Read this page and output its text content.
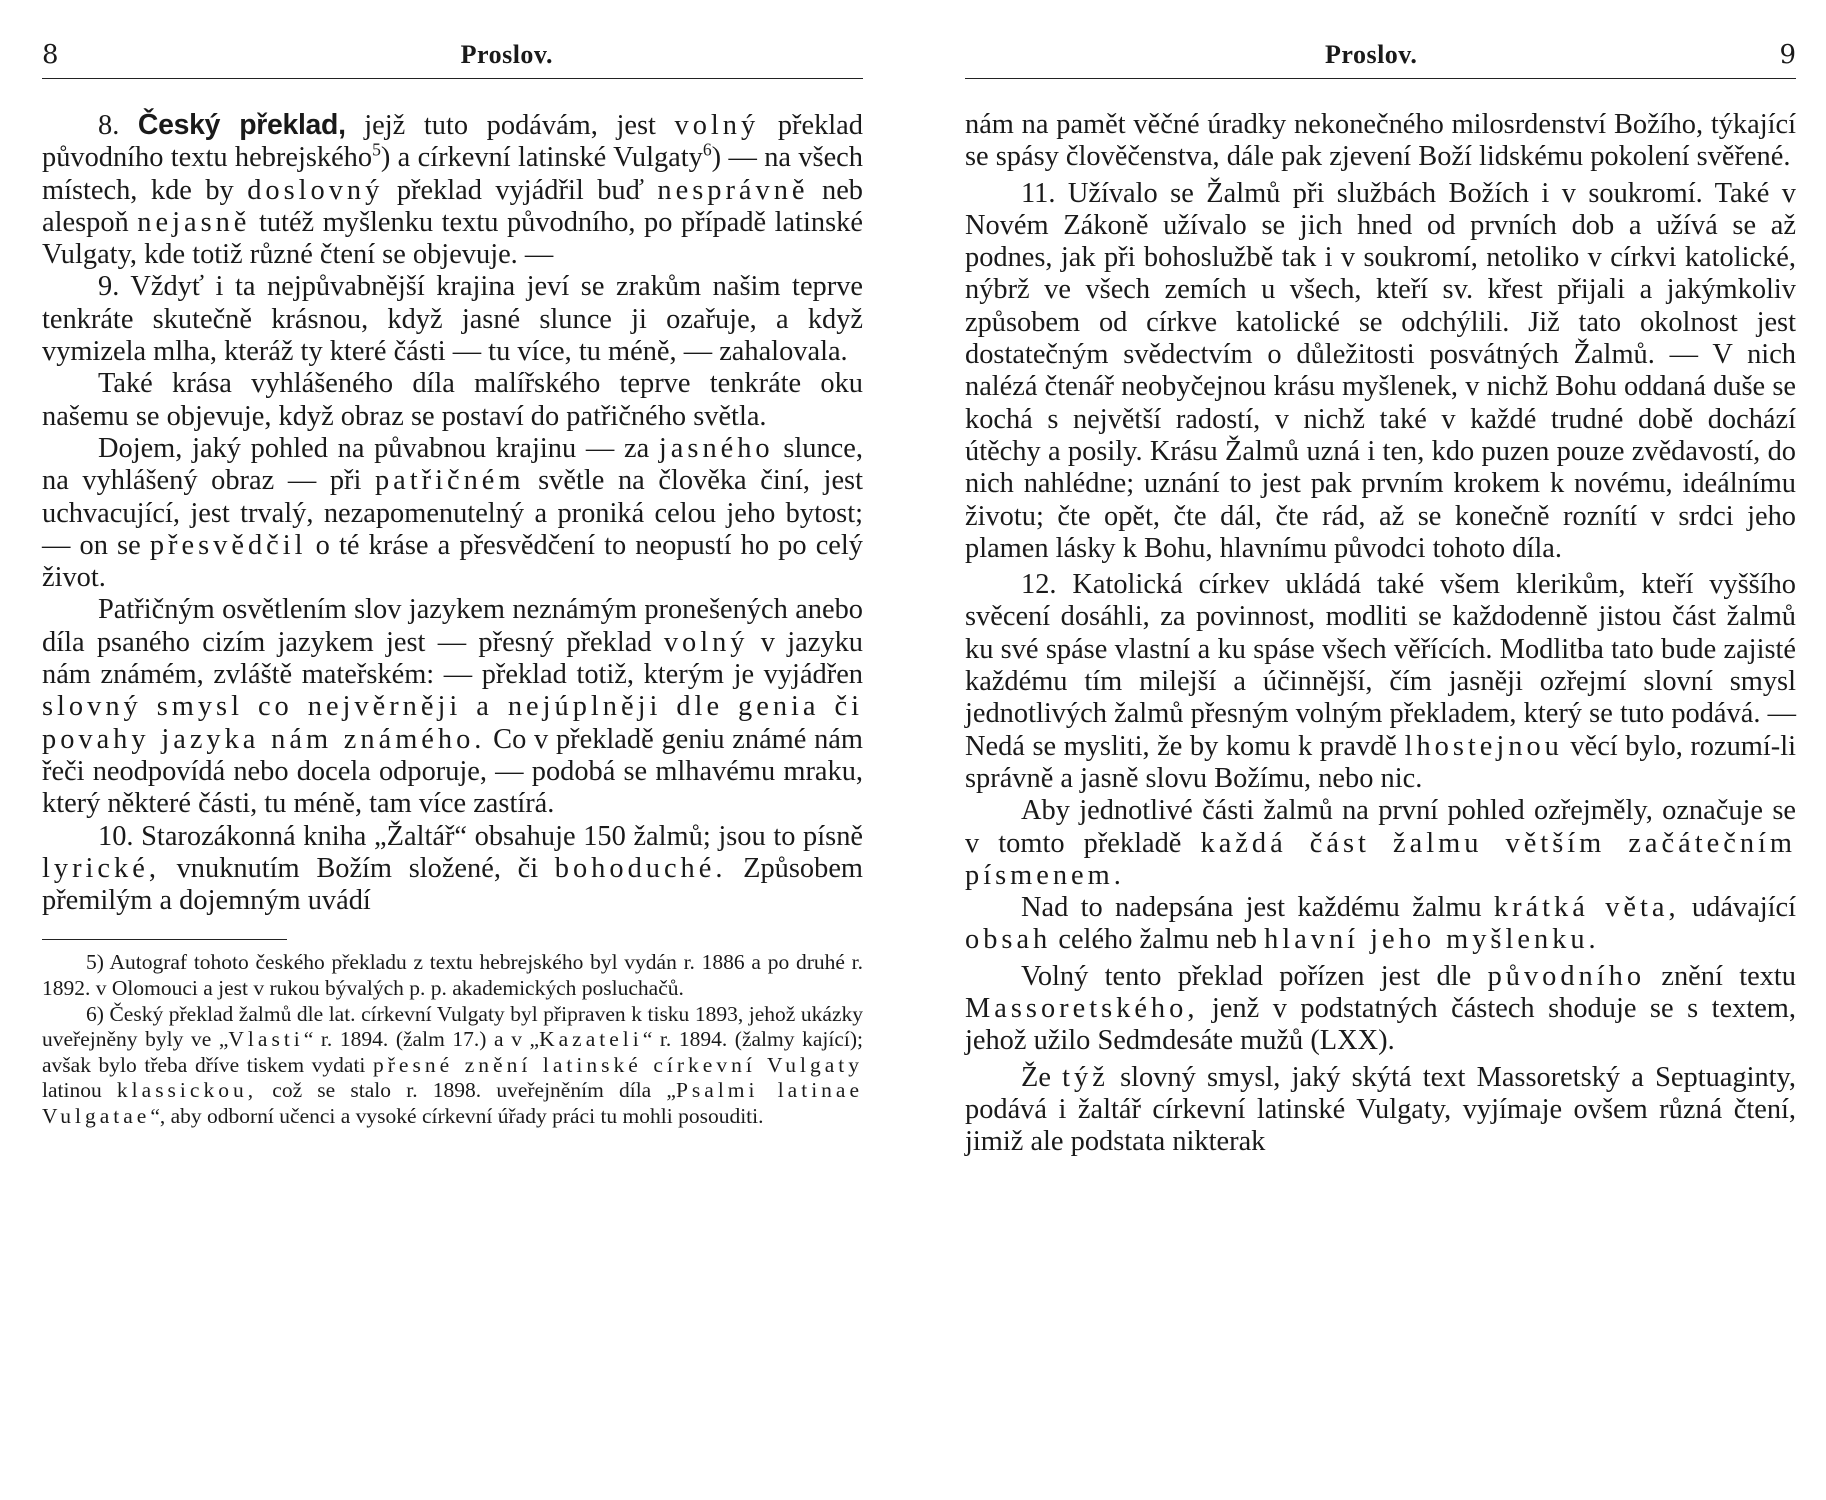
8	Proslov.

8. Český překlad, jejž tuto podávám, jest volný překlad původního textu hebrejského$^5$) a církevní latinské Vulgaty$^6$) — na všech místech, kde by doslovný překlad vyjádřil buď nesprávně neb alespoň nejasně tutéž myšlenku textu původního, po případě latinské Vulgaty, kde totiž různé čtení se objevuje. —

9. Vždyť i ta nejpůvabnější krajina jeví se zrakům našim teprve tenkráte skutečně krásnou, když jasné slunce ji ozařuje, a když vymizela mlha, kteráž ty které části — tu více, tu méně, — zahalovala.

Také krása vyhlášeného díla malířského teprve tenkráte oku našemu se objevuje, když obraz se postaví do patřičného světla.

Dojem, jaký pohled na půvabnou krajinu — za jasného slunce, na vyhlášený obraz — při patřičném světle na člověka činí, jest uchvacující, jest trvalý, nezapomenutelný a proniká celou jeho bytost; — on se přesvědčil o té kráse a přesvědčení to neopustí ho po celý život.

Patřičným osvětlením slov jazykem neznámým pronešených anebo díla psaného cizím jazykem jest — přesný překlad volný v jazyku nám známém, zvláště mateřském: — překlad totiž, kterým je vyjádřen slovný smysl co nejvěrněji a nejúplněji dle genia či povahy jazyka nám známého. Co v překladě geniu známé nám řeči neodpovídá nebo docela odporuje, — podobá se mlhavému mraku, který některé části, tu méně, tam více zastírá.

10. Starozákonná kniha „Žaltář“ obsahuje 150 žalmů; jsou to písně lyrické, vnuknutím Božím složené, či bohoduché. Způsobem přemilým a dojemným uvádí

5) Autograf tohoto českého překladu z textu hebrejského byl vydán r. 1886 a po druhé r. 1892. v Olomouci a jest v rukou bývalých p. p. akademických posluchačů.

6) Český překlad žalmů dle lat. církevní Vulgaty byl připraven k tisku 1893, jehož ukázky uveřejněny byly ve „Vlasti“ r. 1894. (žalm 17.) a v „Kazateli“ r. 1894. (žalmy kající); avšak bylo třeba dříve tiskem vydati přesné znění latinské církevní Vulgaty latinou klassickou, což se stalo r. 1898. uveřejněním díla „Psalmi latinae Vulgatae“, aby odborní učenci a vysoké církevní úřady práci tu mohli posouditi.

Proslov.	9

nám na pamět věčné úradky nekonečného milosrdenství Božího, týkající se spásy člověčenstva, dále pak zjevení Boží lidskému pokolení svěřené.

11. Užívalo se Žalmů při službách Božích i v soukromí. Také v Novém Zákoně užívalo se jich hned od prvních dob a užívá se až podnes, jak při bohoslužbě tak i v soukromí, netoliko v církvi katolické, nýbrž ve všech zemích u všech, kteří sv. křest přijali a jakýmkoliv způsobem od církve katolické se odchýlili. Již tato okolnost jest dostatečným svědectvím o důležitosti posvátných Žalmů. — V nich nalézá čtenář neobyčejnou krásu myšlenek, v nichž Bohu oddaná duše se kochá s největší radostí, v nichž také v každé trudné době dochází útěchy a posily. Krásu Žalmů uzná i ten, kdo puzen pouze zvědavostí, do nich nahlédne; uznání to jest pak prvním krokem k novému, ideálnímu životu; čte opět, čte dál, čte rád, až se konečně roznítí v srdci jeho plamen lásky k Bohu, hlavnímu původci tohoto díla.

12. Katolická církev ukládá také všem klerikům, kteří vyššího svěcení dosáhli, za povinnost, modliti se každodenně jistou část žalmů ku své spáse vlastní a ku spáse všech věřících. Modlitba tato bude zajisté každému tím milejší a účinnější, čím jasněji ozřejmí slovní smysl jednotlivých žalmů přesným volným překladem, který se tuto podává. — Nedá se mysliti, že by komu k pravdě lhostejnou věcí bylo, rozumí-li správně a jasně slovu Božímu, nebo nic.

Aby jednotlivé části žalmů na první pohled ozřejměly, označuje se v tomto překladě každá část žalmu větším začátečním písmenem.

Nad to nadepsána jest každému žalmu krátká věta, udávající obsah celého žalmu neb hlavní jeho myšlenku.

Volný tento překlad pořízen jest dle původního znění textu Massoretského, jenž v podstatných částech shoduje se s textem, jehož užilo Sedmdesáte mužů (LXX).

Že týž slovný smysl, jaký skýtá text Massoretský a Septuaginty, podává i žaltář církevní latinské Vulgaty, vyjímaje ovšem různá čtení, jimiž ale podstata nikterak
